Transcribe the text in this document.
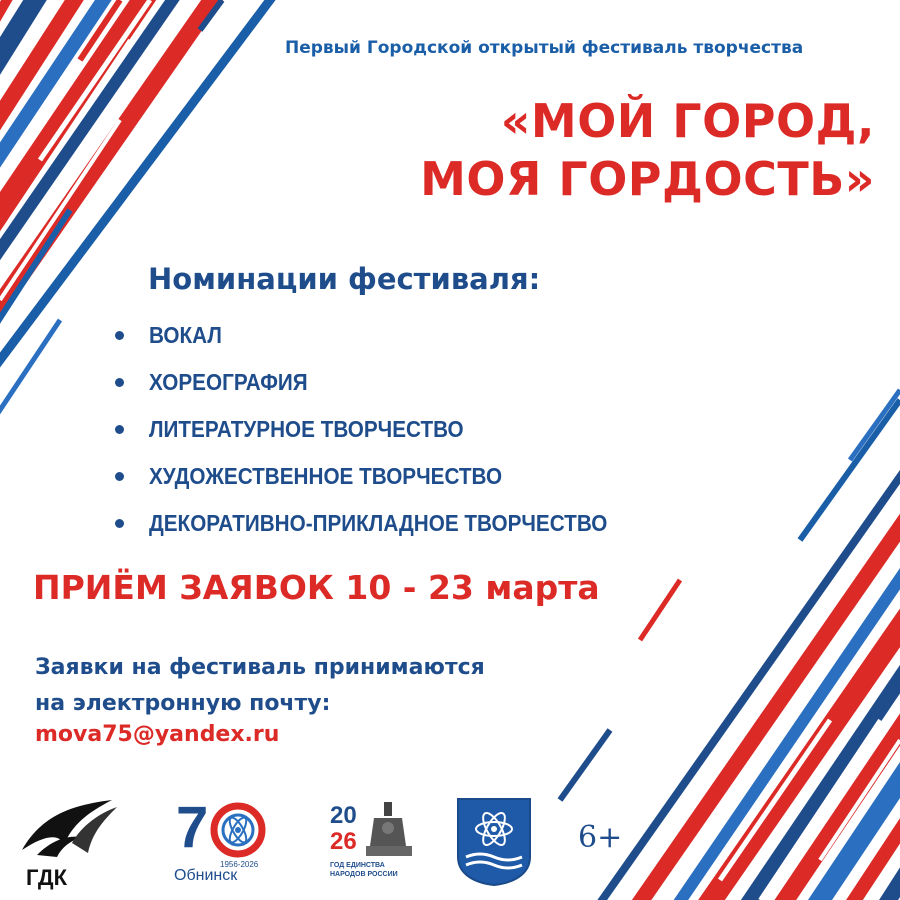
Первый Городской открытый фестиваль творчества
«МОЙ ГОРОД,
МОЯ ГОРДОСТЬ»
Номинации фестиваля:
ВОКАЛ
ХОРЕОГРАФИЯ
ЛИТЕРАТУРНОЕ ТВОРЧЕСТВО
ХУДОЖЕСТВЕННОЕ ТВОРЧЕСТВО
ДЕКОРАТИВНО-ПРИКЛАДНОЕ ТВОРЧЕСТВО
ПРИЁМ ЗАЯВОК 10 - 23 марта
Заявки на фестиваль принимаются
на электронную почту:
mova75@yandex.ru
ГДК
7
1956-2026
Обнинск
20
26
ГОД ЕДИНСТВА
НАРОДОВ РОССИИ
6+
